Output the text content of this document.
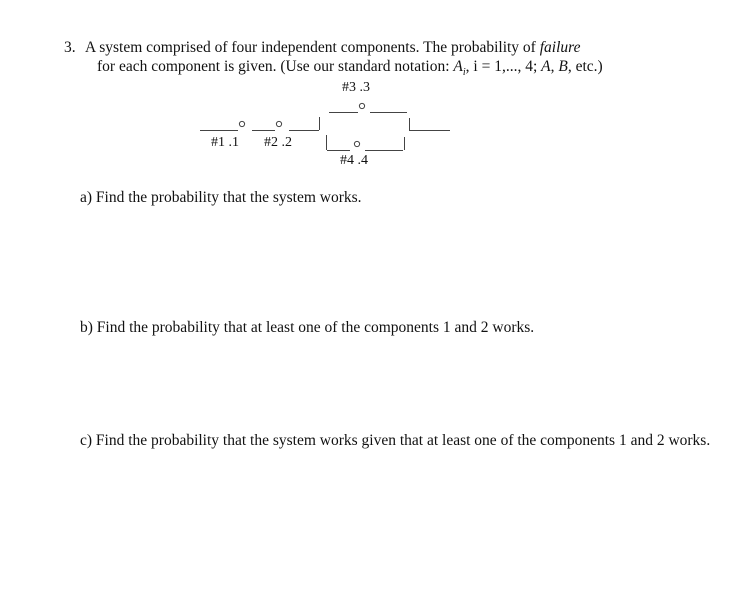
3. A system comprised of four independent components. The probability of failure
for each component is given. (Use our standard notation: $A_i$, i = 1,..., 4; A, B, etc.)
#3 .3
#1 .1 #2 .2
#4 .4
a) Find the probability that the system works.
b) Find the probability that at least one of the components 1 and 2 works.
c) Find the probability that the system works given that at least one of the components 1 and 2 works.
